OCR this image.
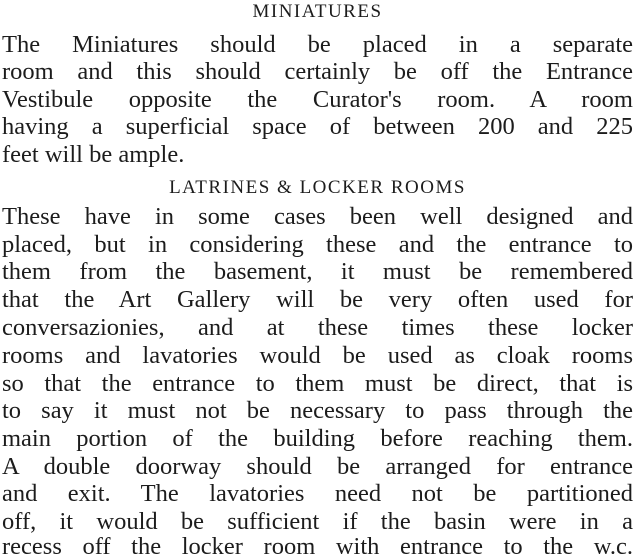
MINIATURES
The Miniatures should be placed in a separate
room and this should certainly be off the Entrance
Vestibule opposite the Curator's room. A room
having a superficial space of between 200 and 225
feet will be ample.
LATRINES & LOCKER ROOMS
These have in some cases been well designed and
placed, but in considering these and the entrance to
them from the basement, it must be remembered
that the Art Gallery will be very often used for
conversazionies, and at these times these locker
rooms and lavatories would be used as cloak rooms
so that the entrance to them must be direct, that is
to say it must not be necessary to pass through the
main portion of the building before reaching them.
A double doorway should be arranged for entrance
and exit. The lavatories need not be partitioned
off, it would be sufficient if the basin were in a
recess off the locker room with entrance to the w.c.
